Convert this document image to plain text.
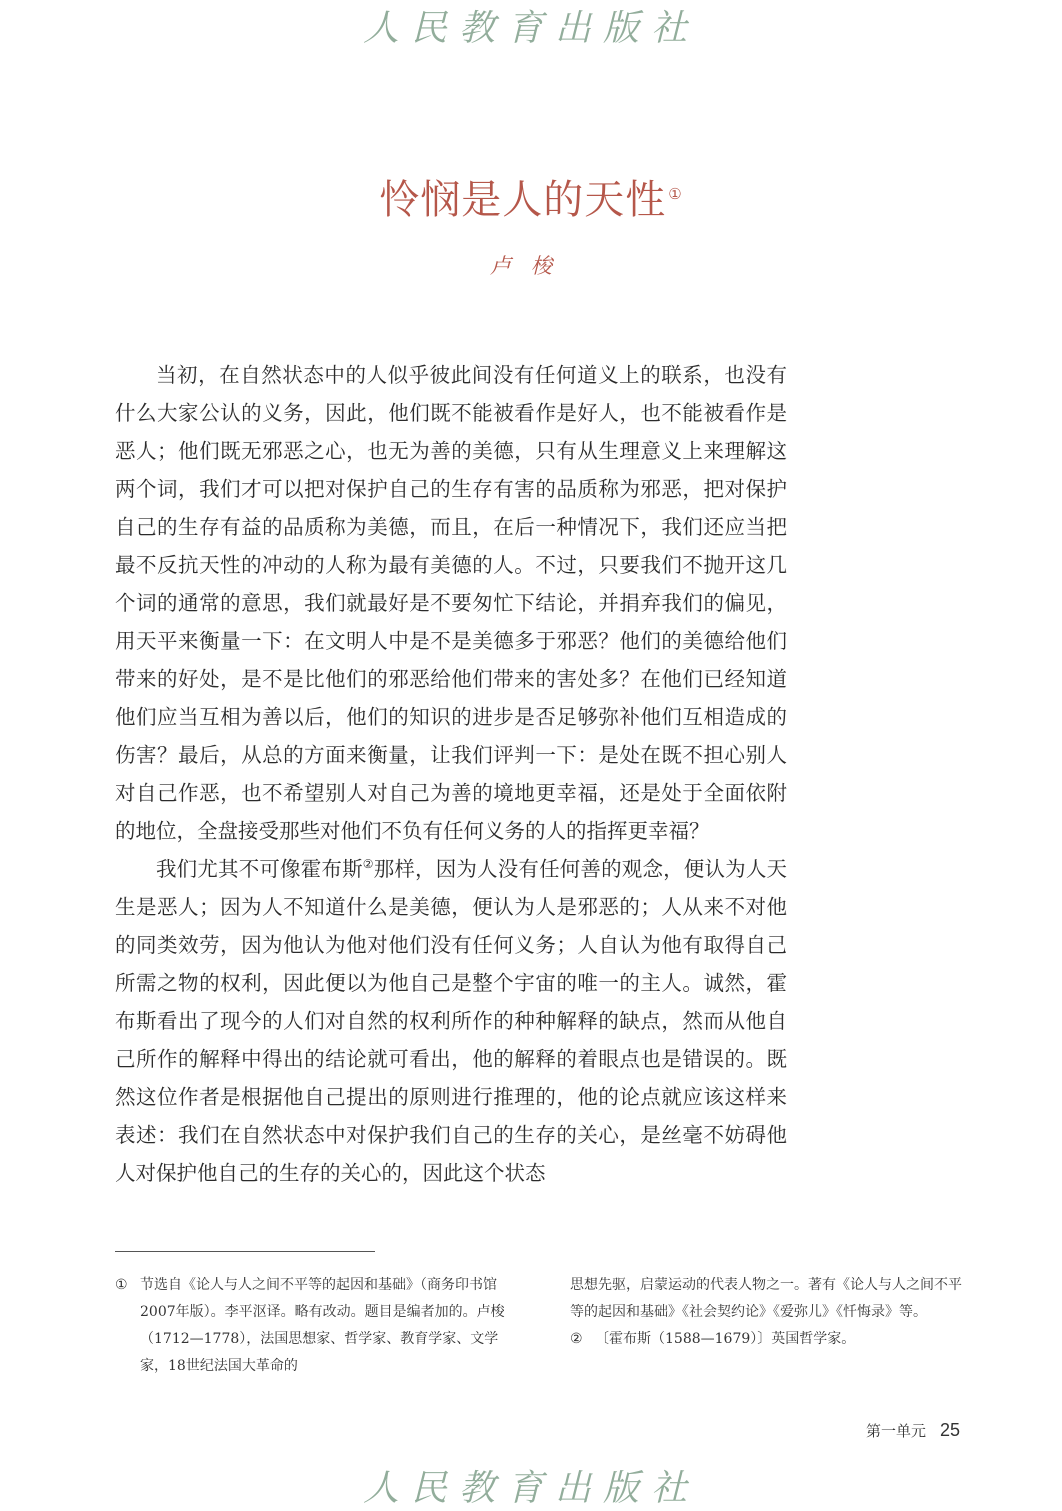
人民教育出版社
怜悯是人的天性 ①
卢梭

当初，在自然状态中的人似乎彼此间没有任何道义上的联系，也没有什么大家公认的义务，因此，他们既不能被看作是好人，也不能被看作是恶人；他们既无邪恶之心，也无为善的美德，只有从生理意义上来理解这两个词，我们才可以把对保护自己的生存有害的品质称为邪恶，把对保护自己的生存有益的品质称为美德，而且，在后一种情况下，我们还应当把最不反抗天性的冲动的人称为最有美德的人。不过，只要我们不抛开这几个词的通常的意思，我们就最好是不要匆忙下结论，并捐弃我们的偏见，用天平来衡量一下：在文明人中是不是美德多于邪恶？他们的美德给他们带来的好处，是不是比他们的邪恶给他们带来的害处多？在他们已经知道他们应当互相为善以后，他们的知识的进步是否足够弥补他们互相造成的伤害？最后，从总的方面来衡量，让我们评判一下：是处在既不担心别人对自己作恶，也不希望别人对自己为善的境地更幸福，还是处于全面依附的地位，全盘接受那些对他们不负有任何义务的人的指挥更幸福？

我们尤其不可像霍布斯②那样，因为人没有任何善的观念，便认为人天生是恶人；因为人不知道什么是美德，便认为人是邪恶的；人从来不对他的同类效劳，因为他认为他对他们没有任何义务；人自认为他有取得自己所需之物的权利，因此便以为他自己是整个宇宙的唯一的主人。诚然，霍布斯看出了现今的人们对自然的权利所作的种种解释的缺点，然而从他自己所作的解释中得出的结论就可看出，他的解释的着眼点也是错误的。既然这位作者是根据他自己提出的原则进行推理的，他的论点就应该这样来表述：我们在自然状态中对保护我们自己的生存的关心，是丝毫不妨碍他人对保护他自己的生存的关心的，因此这个状态

① 节选自《论人与人之间不平等的起因和基础》（商务印书馆2007年版）。李平沤译。略有改动。题目是编者加的。卢梭（1712—1778），法国思想家、哲学家、教育学家、文学家，18世纪法国大革命的
思想先驱，启蒙运动的代表人物之一。著有《论人与人之间不平等的起因和基础》《社会契约论》《爱弥儿》《忏悔录》等。
② 〔霍布斯（1588—1679）〕英国哲学家。
第一单元 25
人民教育出版社
